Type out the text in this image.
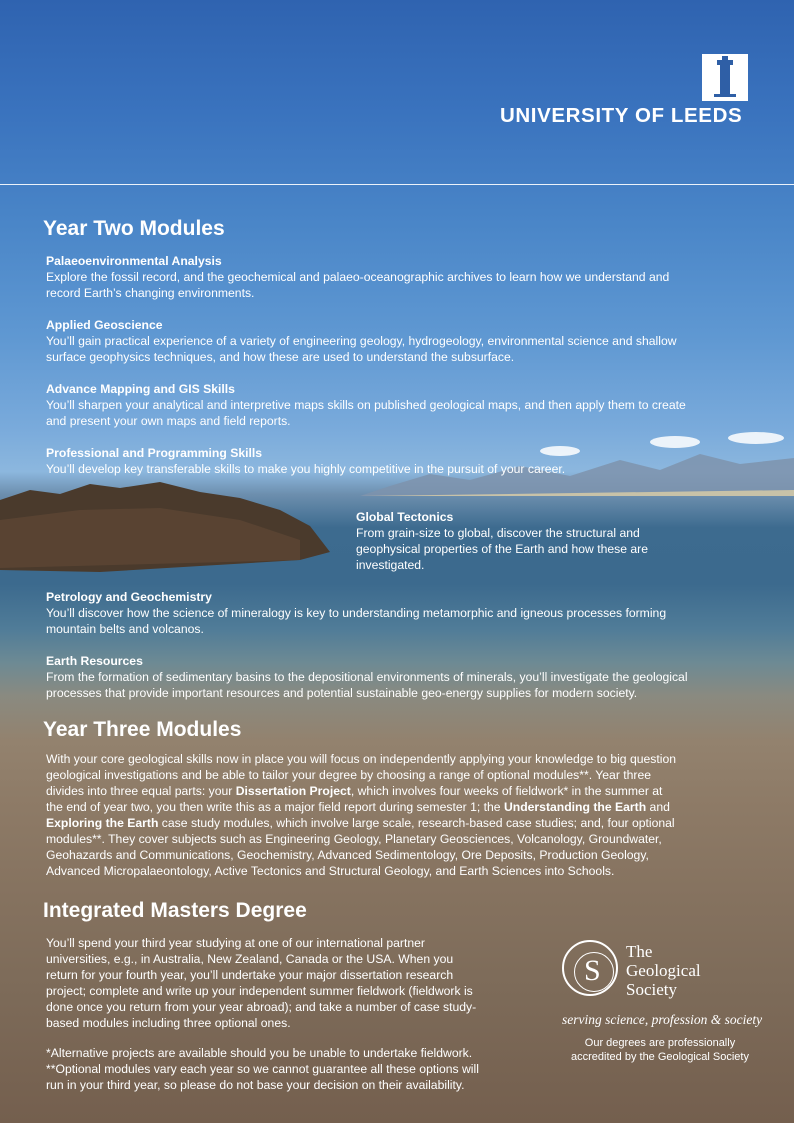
UNIVERSITY OF LEEDS
Year Two Modules
Palaeoenvironmental Analysis
Explore the fossil record, and the geochemical and palaeo-oceanographic archives to learn how we understand and
record Earth’s changing environments.
Applied Geoscience
You’ll gain practical experience of a variety of engineering geology, hydrogeology, environmental science and shallow
surface geophysics techniques, and how these are used to understand the subsurface.
Advance Mapping and GIS Skills
You’ll sharpen your analytical and interpretive maps skills on published geological maps, and then apply them to create
and present your own maps and field reports.
Professional and Programming Skills
You’ll develop key transferable skills to make you highly competitive in the pursuit of your career.
Global Tectonics
From grain-size to global, discover the structural and
geophysical properties of the Earth and how these are
investigated.
Petrology and Geochemistry
You’ll discover how the science of mineralogy is key to understanding metamorphic and igneous processes forming
mountain belts and volcanos.
Earth Resources
From the formation of sedimentary basins to the depositional environments of minerals, you’ll investigate the geological
processes that provide important resources and potential sustainable geo-energy supplies for modern society.
Year Three Modules
With your core geological skills now in place you will focus on independently applying your knowledge to big question
geological investigations and be able to tailor your degree by choosing a range of optional modules**. Year three
divides into three equal parts: your Dissertation Project, which involves four weeks of fieldwork* in the summer at
the end of year two, you then write this as a major field report during semester 1; the Understanding the Earth and
Exploring the Earth case study modules, which involve large scale, research-based case studies; and, four optional
modules**. They cover subjects such as Engineering Geology, Planetary Geosciences, Volcanology, Groundwater,
Geohazards and Communications, Geochemistry, Advanced Sedimentology, Ore Deposits, Production Geology,
Advanced Micropalaeontology, Active Tectonics and Structural Geology, and Earth Sciences into Schools.
Integrated Masters Degree
You’ll spend your third year studying at one of our international partner
universities, e.g., in Australia, New Zealand, Canada or the USA. When you
return for your fourth year, you’ll undertake your major dissertation research
project; complete and write up your independent summer fieldwork (fieldwork is
done once you return from your year abroad); and take a number of case study-
based modules including three optional ones.
*Alternative projects are available should you be unable to undertake fieldwork.
**Optional modules vary each year so we cannot guarantee all these options will
run in your third year, so please do not base your decision on their availability.
S
The
Geological
Society
serving science, profession & society
Our degrees are professionally accredited by the Geological Society
